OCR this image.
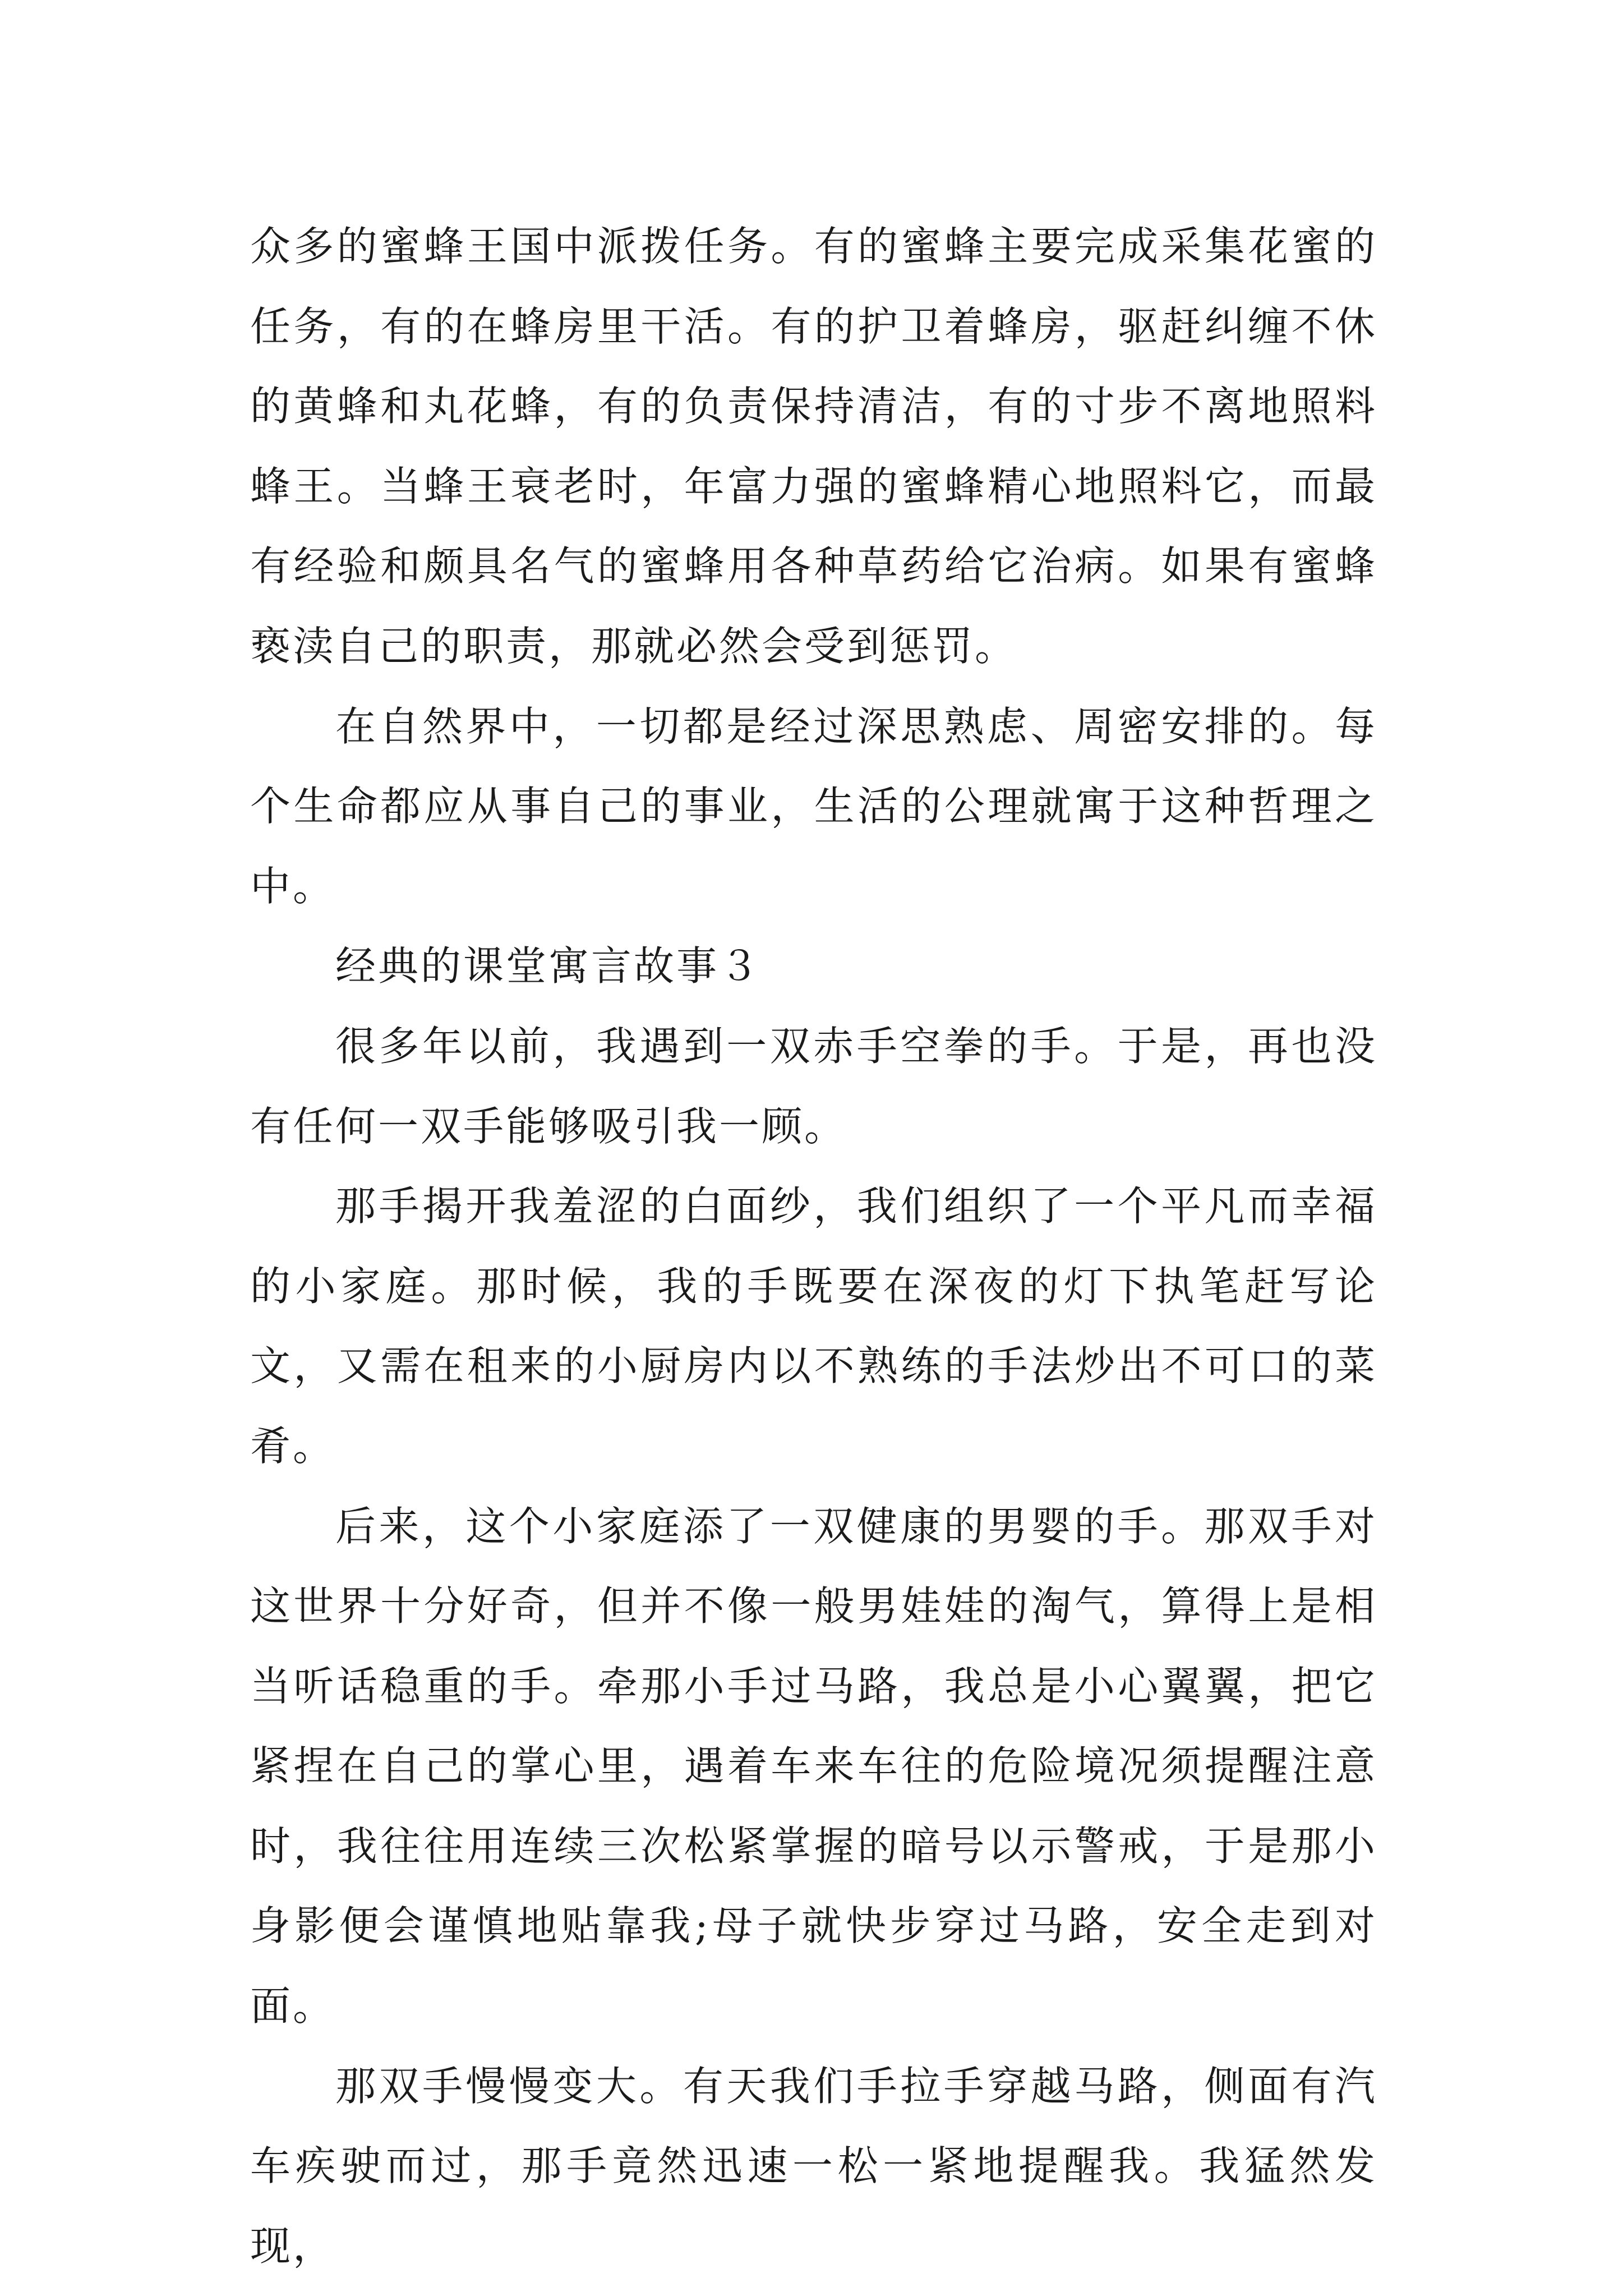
众多的蜜蜂王国中派拨任务。有的蜜蜂主要完成采集花蜜的任务，有的在蜂房里干活。有的护卫着蜂房，驱赶纠缠不休的黄蜂和丸花蜂，有的负责保持清洁，有的寸步不离地照料蜂王。当蜂王衰老时，年富力强的蜜蜂精心地照料它，而最有经验和颇具名气的蜜蜂用各种草药给它治病。如果有蜜蜂亵渎自己的职责，那就必然会受到惩罚。

在自然界中，一切都是经过深思熟虑、周密安排的。每个生命都应从事自己的事业，生活的公理就寓于这种哲理之中。

经典的课堂寓言故事３

很多年以前，我遇到一双赤手空拳的手。于是，再也没有任何一双手能够吸引我一顾。

那手揭开我羞涩的白面纱，我们组织了一个平凡而幸福的小家庭。那时候，我的手既要在深夜的灯下执笔赶写论文，又需在租来的小厨房内以不熟练的手法炒出不可口的菜肴。

后来，这个小家庭添了一双健康的男婴的手。那双手对这世界十分好奇，但并不像一般男娃娃的淘气，算得上是相当听话稳重的手。牵那小手过马路，我总是小心翼翼，把它紧捏在自己的掌心里，遇着车来车往的危险境况须提醒注意时，我往往用连续三次松紧掌握的暗号以示警戒，于是那小身影便会谨慎地贴靠我;母子就快步穿过马路，安全走到对面。

那双手慢慢变大。有天我们手拉手穿越马路，侧面有汽车疾驶而过，那手竟然迅速一松一紧地提醒我。我猛然发现，
